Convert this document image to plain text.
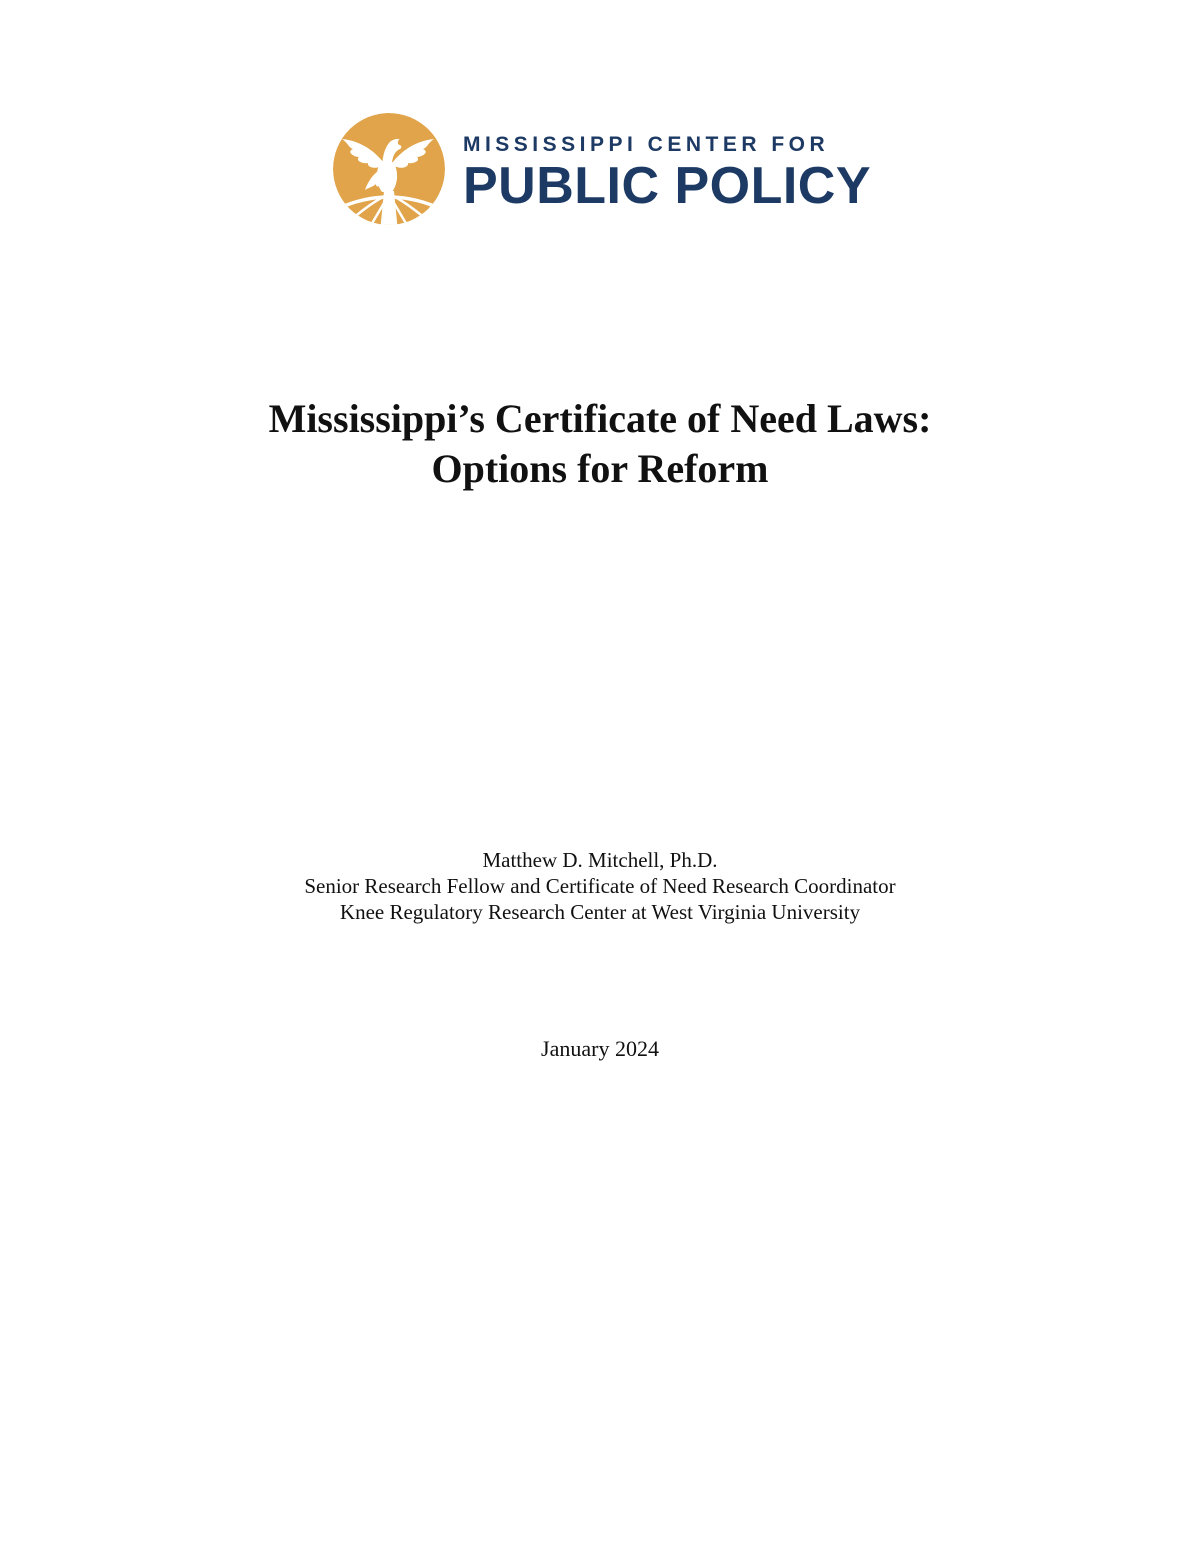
MISSISSIPPI CENTER FOR
PUBLIC POLICY
Mississippi’s Certificate of Need Laws:
Options for Reform
Matthew D. Mitchell, Ph.D.
Senior Research Fellow and Certificate of Need Research Coordinator
Knee Regulatory Research Center at West Virginia University
January 2024
